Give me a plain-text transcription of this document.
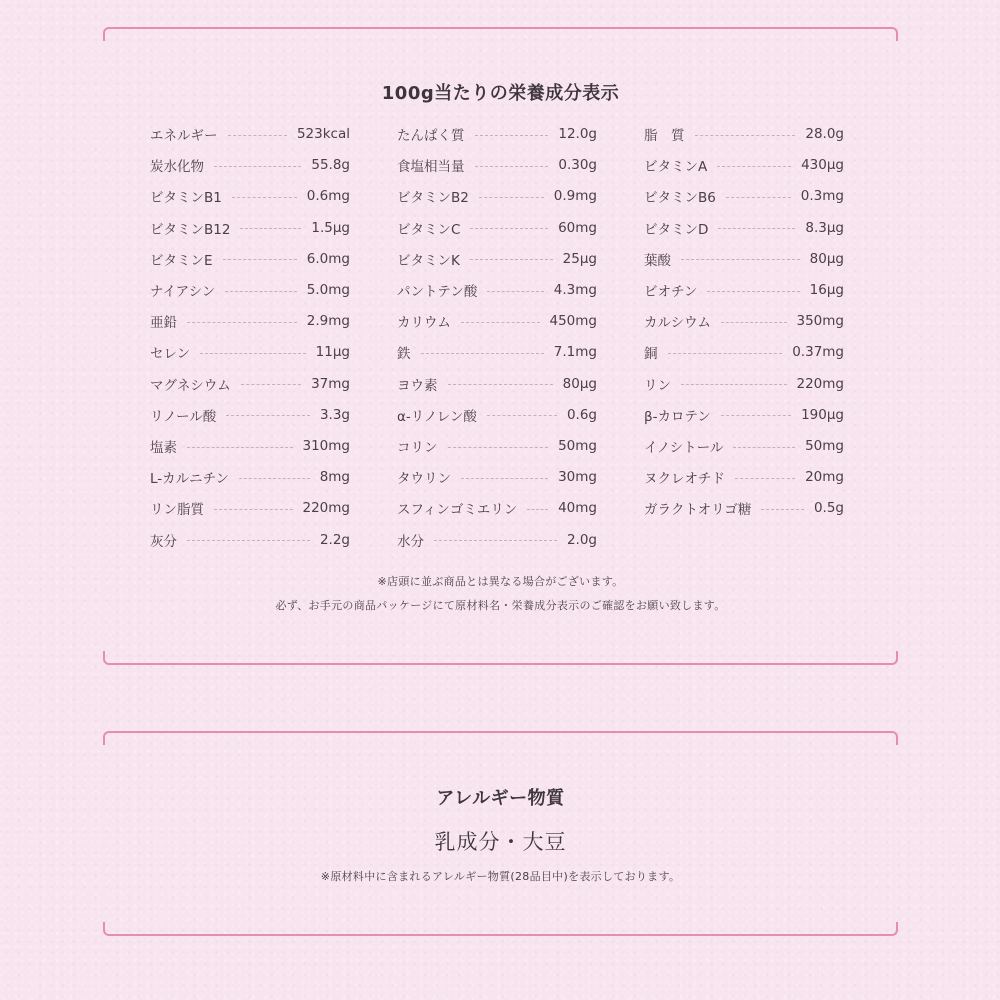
100g当たりの栄養成分表示
エネルギー	523kcal
炭水化物	55.8g
ビタミンB1	0.6mg
ビタミンB12	1.5μg
ビタミンE	6.0mg
ナイアシン	5.0mg
亜鉛	2.9mg
セレン	11μg
マグネシウム	37mg
リノール酸	3.3g
塩素	310mg
L-カルニチン	8mg
リン脂質	220mg
灰分	2.2g
たんぱく質	12.0g
食塩相当量	0.30g
ビタミンB2	0.9mg
ビタミンC	60mg
ビタミンK	25μg
パントテン酸	4.3mg
カリウム	450mg
鉄	7.1mg
ヨウ素	80μg
α-リノレン酸	0.6g
コリン	50mg
タウリン	30mg
スフィンゴミエリン	40mg
水分	2.0g
脂　質	28.0g
ビタミンA	430μg
ビタミンB6	0.3mg
ビタミンD	8.3μg
葉酸	80μg
ビオチン	16μg
カルシウム	350mg
銅	0.37mg
リン	220mg
β-カロテン	190μg
イノシトール	50mg
ヌクレオチド	20mg
ガラクトオリゴ糖	0.5g
※店頭に並ぶ商品とは異なる場合がございます。
必ず、お手元の商品パッケージにて原材料名・栄養成分表示のご確認をお願い致します。
アレルギー物質
乳成分・大豆
※原材料中に含まれるアレルギー物質(28品目中)を表示しております。
